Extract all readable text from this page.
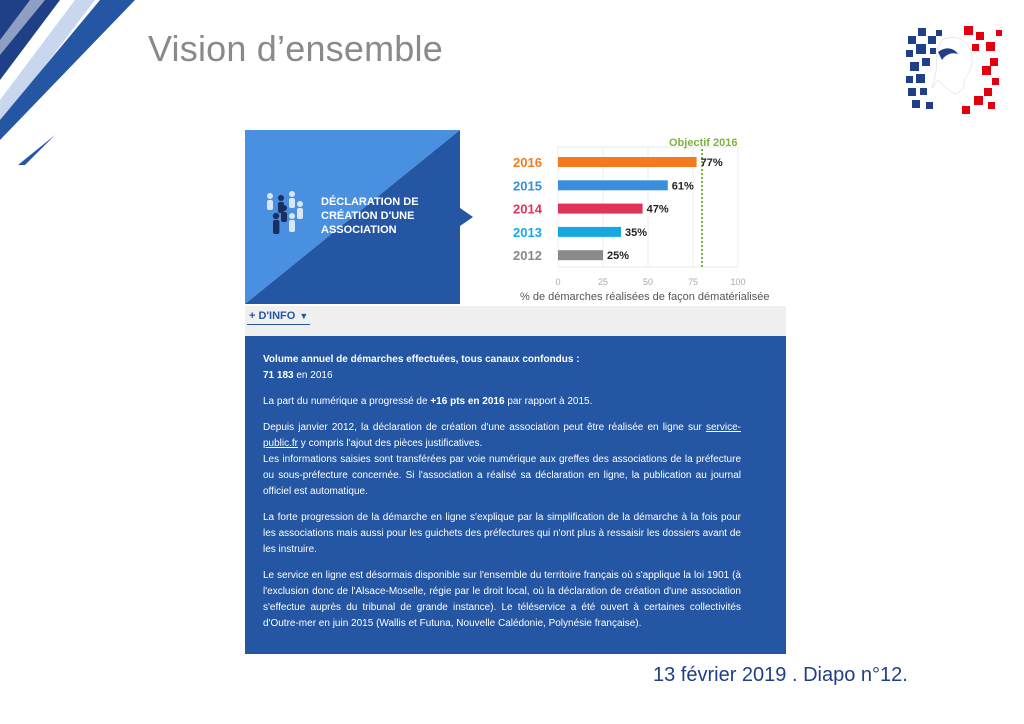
Vision d’ensemble
DÉCLARATION DE CRÉATION D'UNE ASSOCIATION
0	25	50	75	100
2016
2015
2014
2013
2012
Objectif 2016
77%
61%
47%
35%
25%
% de démarches réalisées de façon dématérialisée
+ D'INFO ▼

Volume annuel de démarches effectuées, tous canaux confondus :
71 183 en 2016

La part du numérique a progressé de +16 pts en 2016 par rapport à 2015.

Depuis janvier 2012, la déclaration de création d'une association peut être réalisée en ligne sur service-public.fr y compris l'ajout des pièces justificatives.
Les informations saisies sont transférées par voie numérique aux greffes des associations de la préfecture ou sous-préfecture concernée. Si l'association a réalisé sa déclaration en ligne, la publication au journal officiel est automatique.

La forte progression de la démarche en ligne s'explique par la simplification de la démarche à la fois pour les associations mais aussi pour les guichets des préfectures qui n'ont plus à ressaisir les dossiers avant de les instruire.

Le service en ligne est désormais disponible sur l'ensemble du territoire français où s'applique la loi 1901 (à l'exclusion donc de l'Alsace-Moselle, régie par le droit local, où la déclaration de création d'une association s'effectue auprès du tribunal de grande instance). Le téléservice a été ouvert à certaines collectivités d'Outre-mer en juin 2015 (Wallis et Futuna, Nouvelle Calédonie, Polynésie française).

13 février 2019 . Diapo n°12.
